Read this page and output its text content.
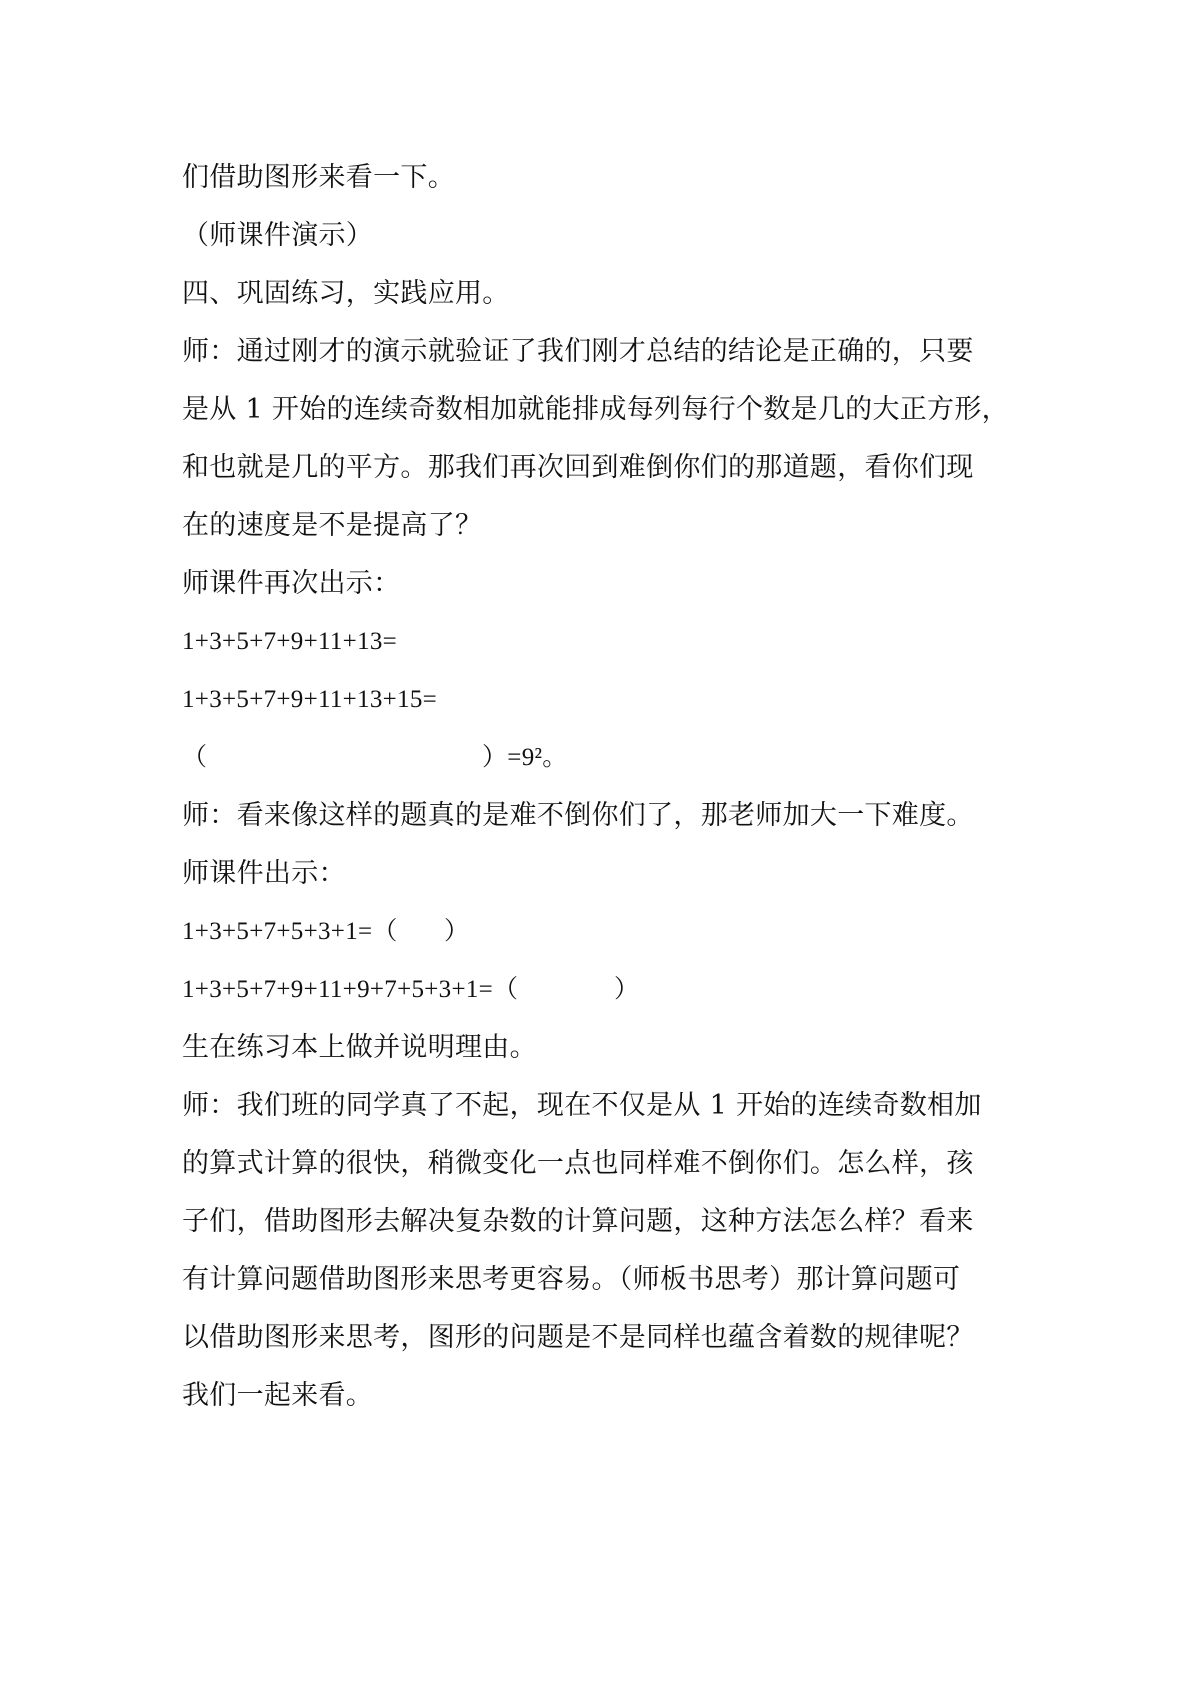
们借助图形来看一下。
（师课件演示）
四、巩固练习，实践应用。
师：通过刚才的演示就验证了我们刚才总结的结论是正确的，只要
是从 1 开始的连续奇数相加就能排成每列每行个数是几的大正方形，
和也就是几的平方。那我们再次回到难倒你们的那道题，看你们现
在的速度是不是提高了？
师课件再次出示：
1+3+5+7+9+11+13=
1+3+5+7+9+11+13+15=
（	）=9²。
师：看来像这样的题真的是难不倒你们了，那老师加大一下难度。
师课件出示：
1+3+5+7+5+3+1=（ ）
1+3+5+7+9+11+9+7+5+3+1=（	）
生在练习本上做并说明理由。
师：我们班的同学真了不起，现在不仅是从 1 开始的连续奇数相加
的算式计算的很快，稍微变化一点也同样难不倒你们。怎么样，孩
子们，借助图形去解决复杂数的计算问题，这种方法怎么样？看来
有计算问题借助图形来思考更容易。（师板书思考）那计算问题可
以借助图形来思考，图形的问题是不是同样也蕴含着数的规律呢？
我们一起来看。
